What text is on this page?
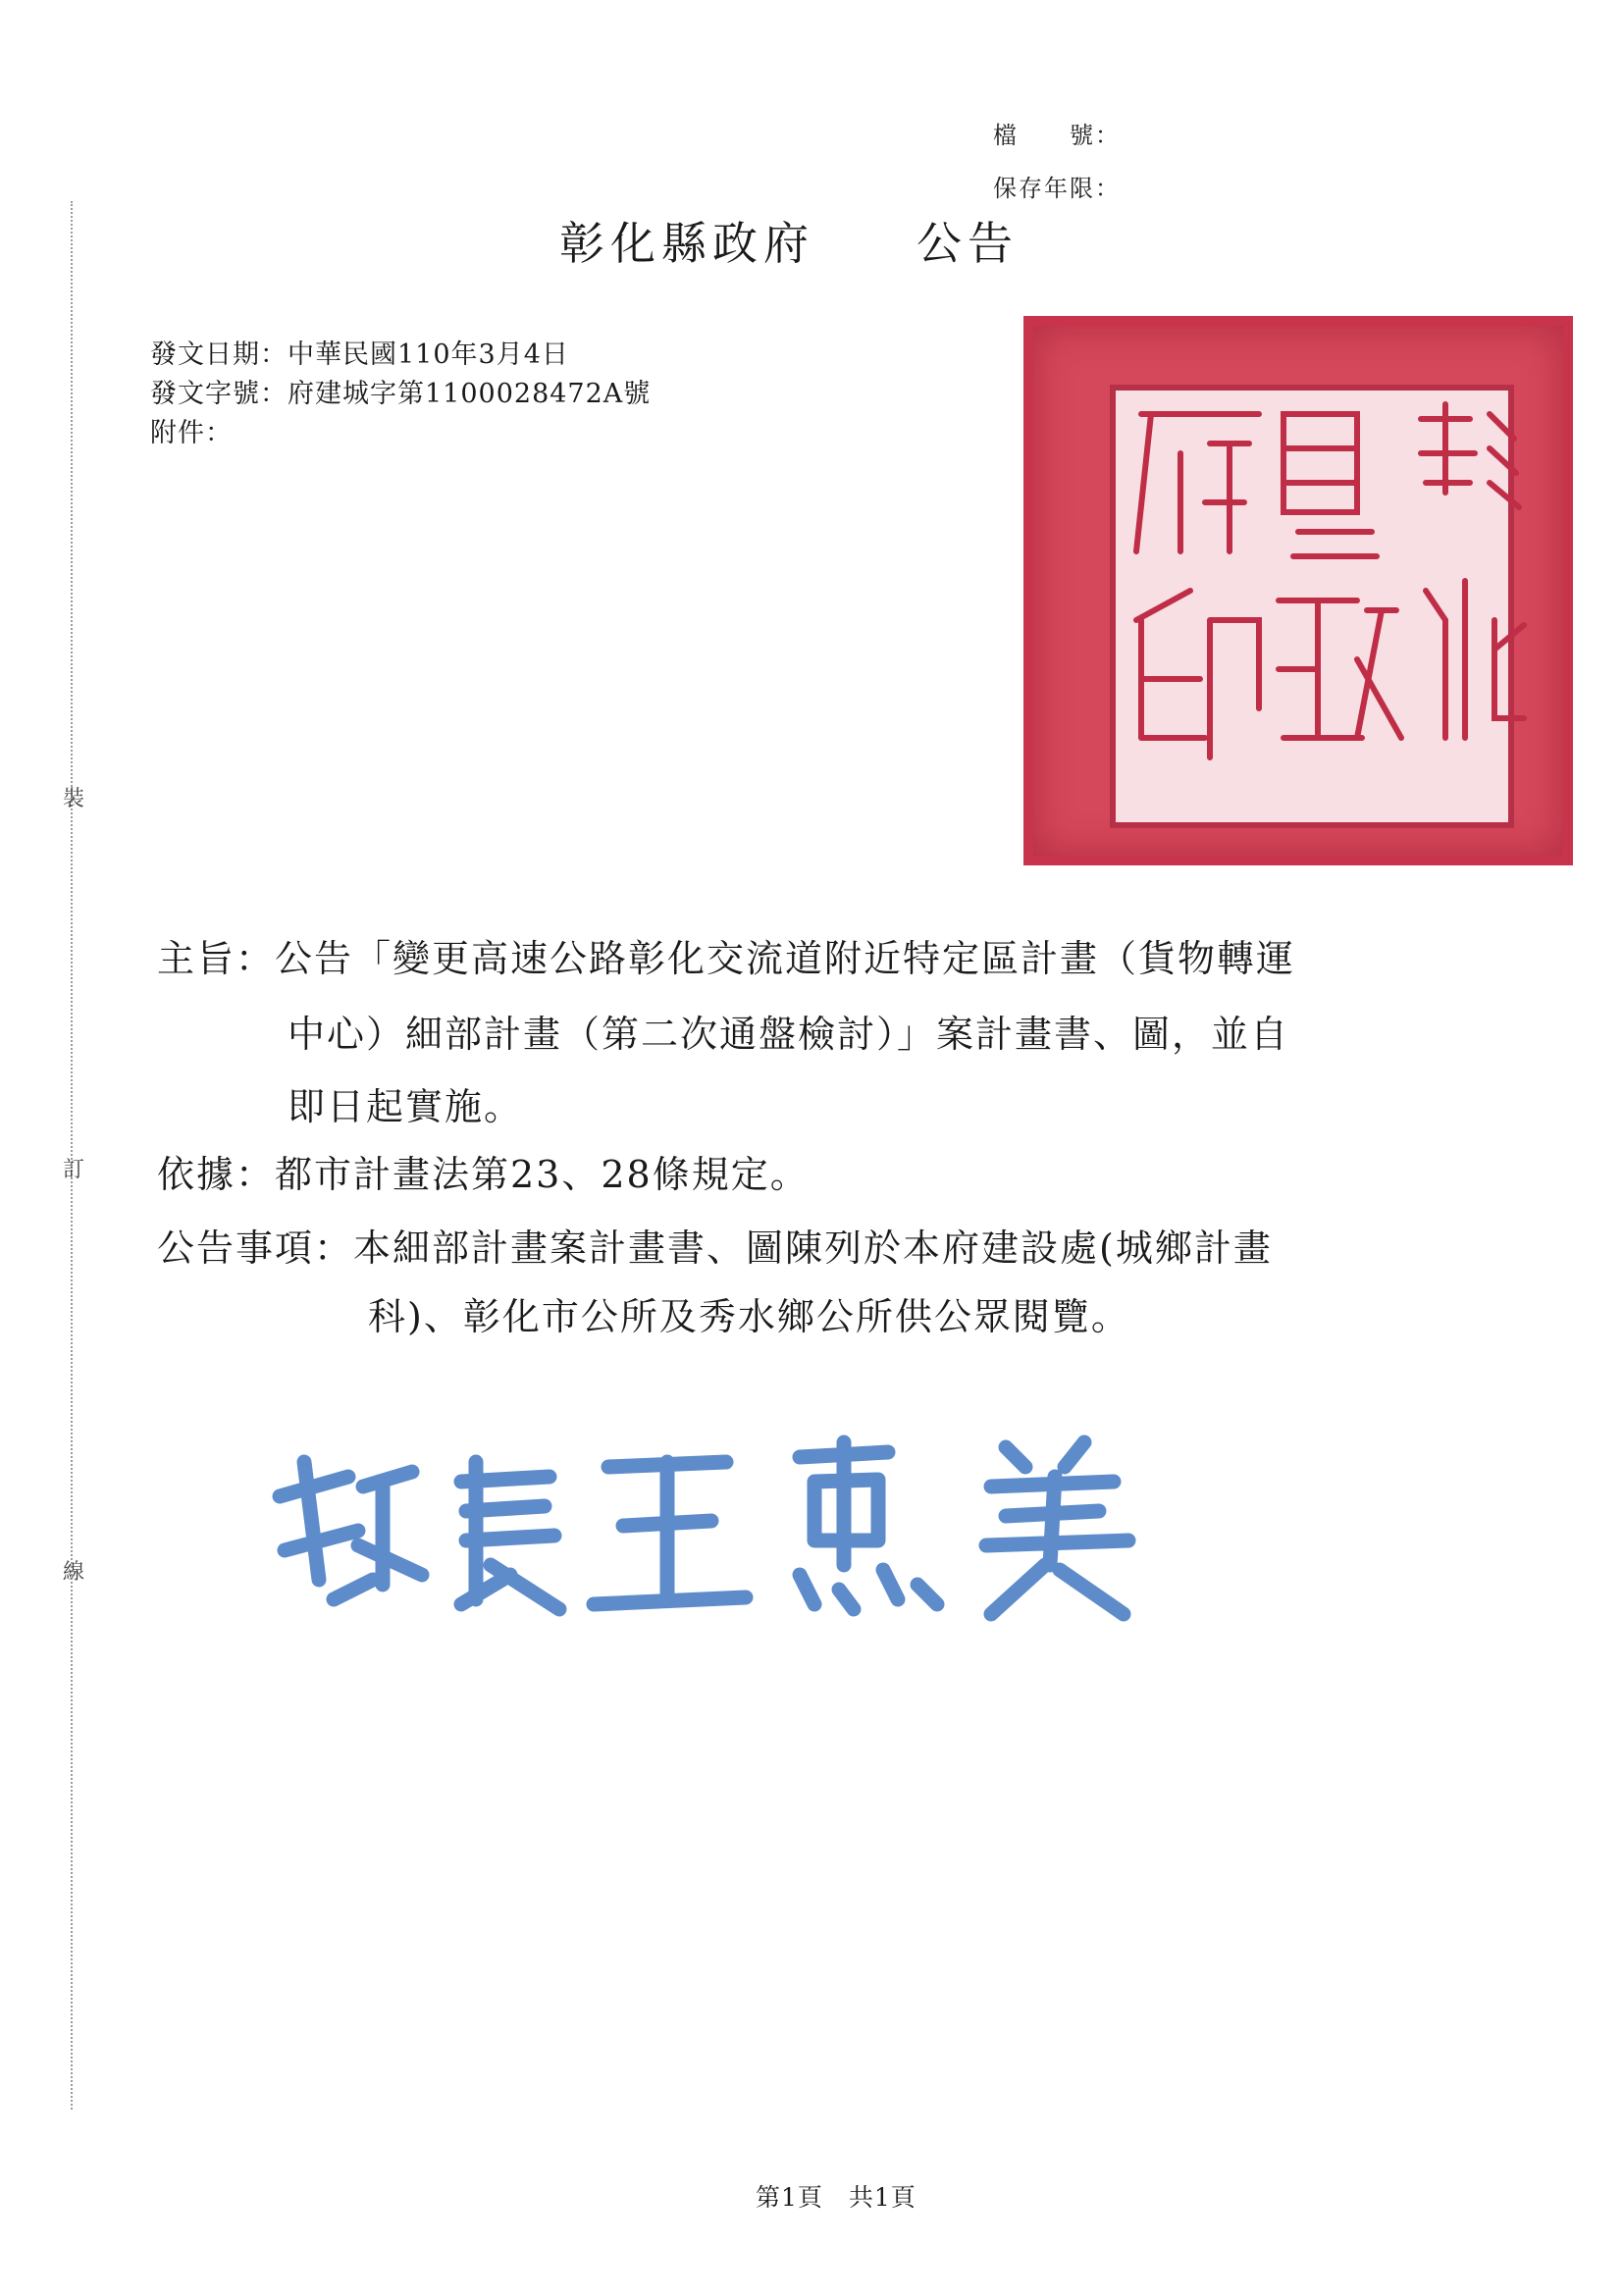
裝
訂
線
檔　　號：
保存年限：
彰化縣政府　　公告
發文日期：中華民國110年3月4日
發文字號：府建城字第1100028472A號
附件：
主旨：公告「變更高速公路彰化交流道附近特定區計畫（貨物轉運
中心）細部計畫（第二次通盤檢討）」案計畫書、圖，並自
即日起實施。
依據：都市計畫法第23、28條規定。
公告事項：本細部計畫案計畫書、圖陳列於本府建設處(城鄉計畫
科)、彰化市公所及秀水鄉公所供公眾閱覽。
第1頁　共1頁
